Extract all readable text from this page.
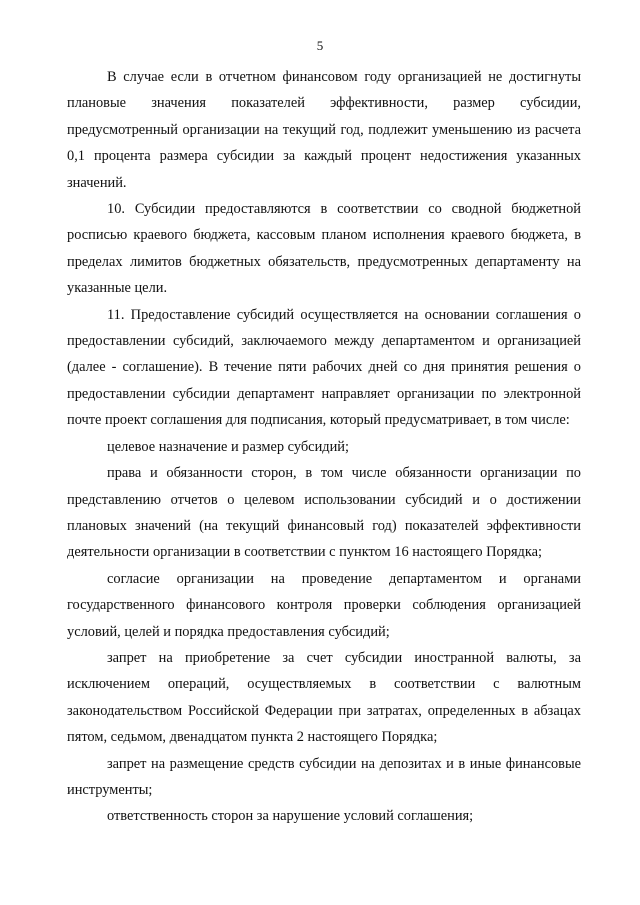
5

В случае если в отчетном финансовом году организацией не достигнуты плановые значения показателей эффективности, размер субсидии, предусмотренный организации на текущий год, подлежит уменьшению из расчета 0,1 процента размера субсидии за каждый процент недостижения указанных значений.

10. Субсидии предоставляются в соответствии со сводной бюджетной росписью краевого бюджета, кассовым планом исполнения краевого бюджета, в пределах лимитов бюджетных обязательств, предусмотренных департаменту на указанные цели.

11. Предоставление субсидий осуществляется на основании соглашения о предоставлении субсидий, заключаемого между департаментом и организацией (далее - соглашение). В течение пяти рабочих дней со дня принятия решения о предоставлении субсидии департамент направляет организации по электронной почте проект соглашения для подписания, который предусматривает, в том числе:

целевое назначение и размер субсидий;

права и обязанности сторон, в том числе обязанности организации по представлению отчетов о целевом использовании субсидий и о достижении плановых значений (на текущий финансовый год) показателей эффективности деятельности организации в соответствии с пунктом 16 настоящего Порядка;

согласие организации на проведение департаментом и органами государственного финансового контроля проверки соблюдения организацией условий, целей и порядка предоставления субсидий;

запрет на приобретение за счет субсидии иностранной валюты, за исключением операций, осуществляемых в соответствии с валютным законодательством Российской Федерации при затратах, определенных в абзацах пятом, седьмом, двенадцатом пункта 2 настоящего Порядка;

запрет на размещение средств субсидии на депозитах и в иные финансовые инструменты;

ответственность сторон за нарушение условий соглашения;
